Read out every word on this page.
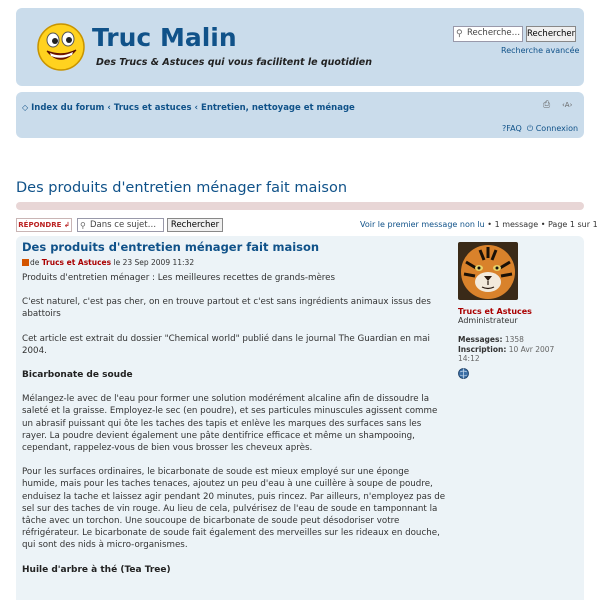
Truc Malin
Des Trucs & Astuces qui vous facilitent le quotidien
⚲ Recherche… Rechercher
Recherche avancée
◇ Index du forum ‹ Trucs et astuces ‹ Entretien, nettoyage et ménage	⎙ ‹A›
?FAQ ⏻ Connexion
Des produits d'entretien ménager fait maison
RÉPONDRE ↲ ⚲ Dans ce sujet…	Rechercher	Voir le premier message non lu • 1 message • Page 1 sur 1
Des produits d'entretien ménager fait maison
de Trucs et Astuces le 23 Sep 2009 11:32

Produits d'entretien ménager : Les meilleures recettes de grands-mères

C'est naturel, c'est pas cher, on en trouve partout et c'est sans ingrédients animaux issus des abattoirs

Cet article est extrait du dossier "Chemical world" publié dans le journal The Guardian en mai 2004.

Bicarbonate de soude

Mélangez-le avec de l'eau pour former une solution modérément alcaline afin de dissoudre la saleté et la graisse. Employez-le sec (en poudre), et ses particules minuscules agissent comme un abrasif puissant qui ôte les taches des tapis et enlève les marques des surfaces sans les rayer. La poudre devient également une pâte dentifrice efficace et même un shampooing, cependant, rappelez-vous de bien vous brosser les cheveux après.

Pour les surfaces ordinaires, le bicarbonate de soude est mieux employé sur une éponge humide, mais pour les taches tenaces, ajoutez un peu d'eau à une cuillère à soupe de poudre, enduisez la tache et laissez agir pendant 20 minutes, puis rincez. Par ailleurs, n'employez pas de sel sur des taches de vin rouge. Au lieu de cela, pulvérisez de l'eau de soude en tamponnant la tâche avec un torchon. Une soucoupe de bicarbonate de soude peut désodoriser votre réfrigérateur. Le bicarbonate de soude fait également des merveilles sur les rideaux en douche, qui sont des nids à micro-organismes.

Huile d'arbre à thé (Tea Tree)
Trucs et Astuces
Administrateur
Messages: 1358
Inscription: 10 Avr 2007 14:12
